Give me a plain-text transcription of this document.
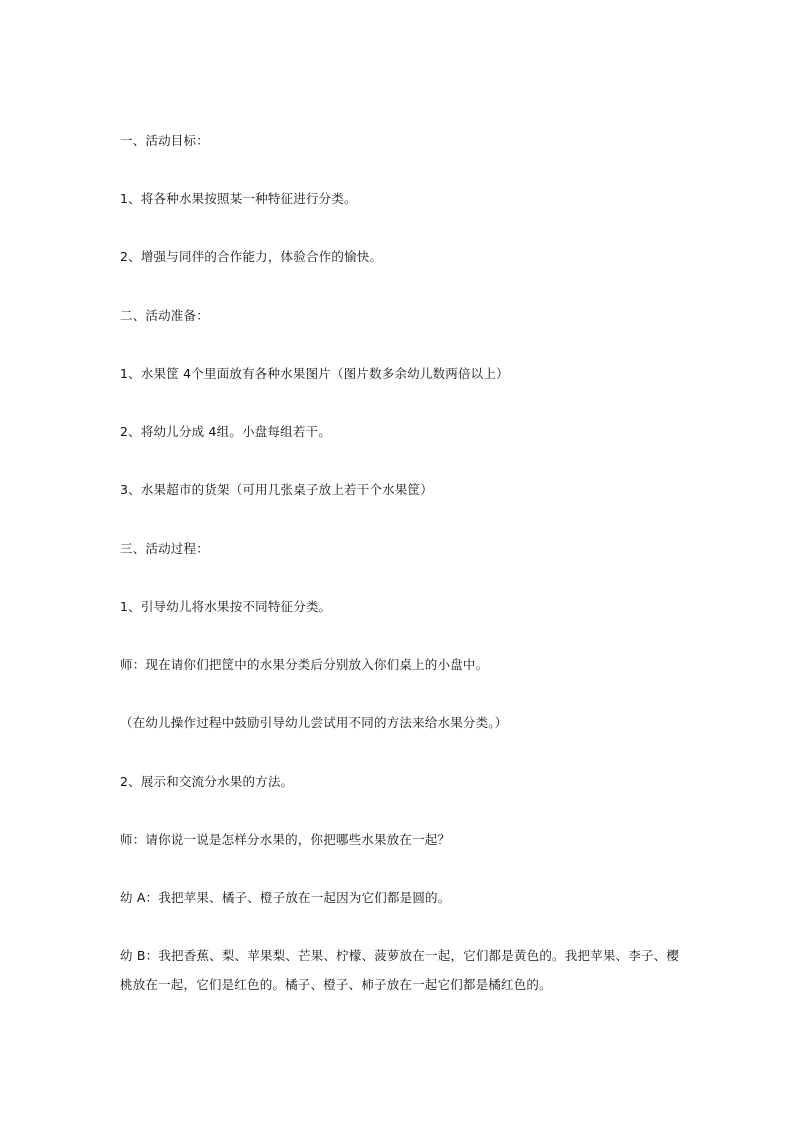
一、活动目标：

1、将各种水果按照某一种特征进行分类。

2、增强与同伴的合作能力，体验合作的愉快。

二、活动准备：

1、水果筐 4个里面放有各种水果图片（图片数多余幼儿数两倍以上）

2、将幼儿分成 4组。小盘每组若干。

3、水果超市的货架（可用几张桌子放上若干个水果筐）

三、活动过程：

1、引导幼儿将水果按不同特征分类。

师：现在请你们把筐中的水果分类后分别放入你们桌上的小盘中。

（在幼儿操作过程中鼓励引导幼儿尝试用不同的方法来给水果分类。）

2、展示和交流分水果的方法。

师：请你说一说是怎样分水果的，你把哪些水果放在一起？

幼 A：我把苹果、橘子、橙子放在一起因为它们都是圆的。

幼 B：我把香蕉、梨、苹果梨、芒果、柠檬、菠萝放在一起，它们都是黄色的。我把苹果、李子、樱桃放在一起，它们是红色的。橘子、橙子、柿子放在一起它们都是橘红色的。
